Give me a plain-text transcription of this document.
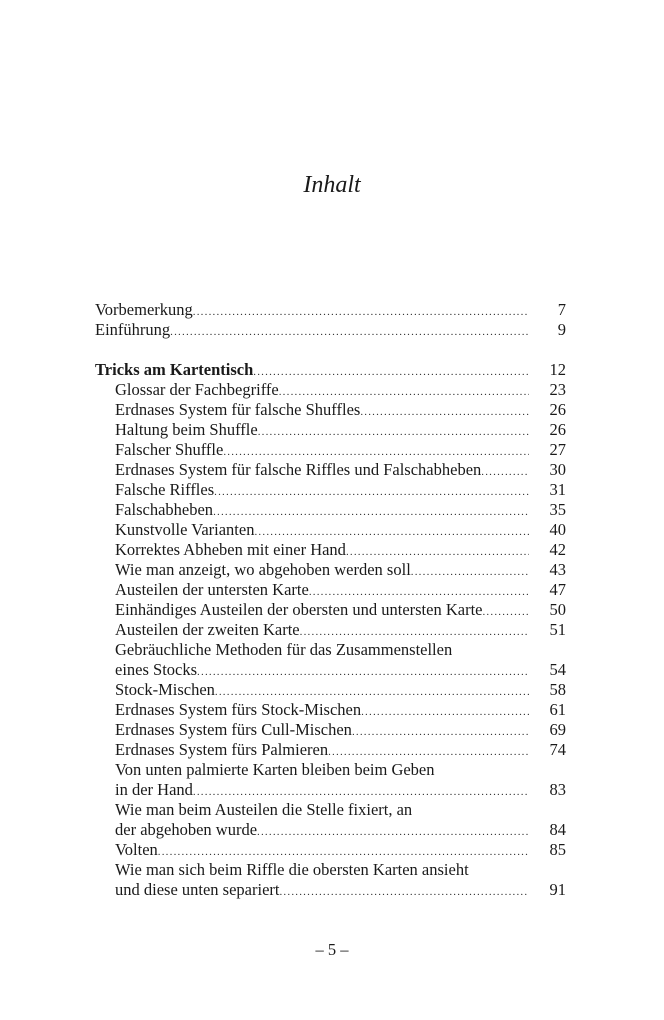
Inhalt
Vorbemerkung .....	7
Einführung .....	9
Tricks am Kartentisch .....	12
Glossar der Fachbegriffe .....	23
Erdnases System für falsche Shuffles .....	26
Haltung beim Shuffle .....	26
Falscher Shuffle .....	27
Erdnases System für falsche Riffles und Falschabheben .....	30
Falsche Riffles .....	31
Falschabheben .....	35
Kunstvolle Varianten .....	40
Korrektes Abheben mit einer Hand .....	42
Wie man anzeigt, wo abgehoben werden soll .....	43
Austeilen der untersten Karte .....	47
Einhändiges Austeilen der obersten und untersten Karte .....	50
Austeilen der zweiten Karte .....	51
Gebräuchliche Methoden für das Zusammenstellen
eines Stocks .....	54
Stock-Mischen .....	58
Erdnases System fürs Stock-Mischen .....	61
Erdnases System fürs Cull-Mischen .....	69
Erdnases System fürs Palmieren .....	74
Von unten palmierte Karten bleiben beim Geben
in der Hand .....	83
Wie man beim Austeilen die Stelle fixiert, an
der abgehoben wurde .....	84
Volten .....	85
Wie man sich beim Riffle die obersten Karten ansieht
und diese unten separiert .....	91
– 5 –
